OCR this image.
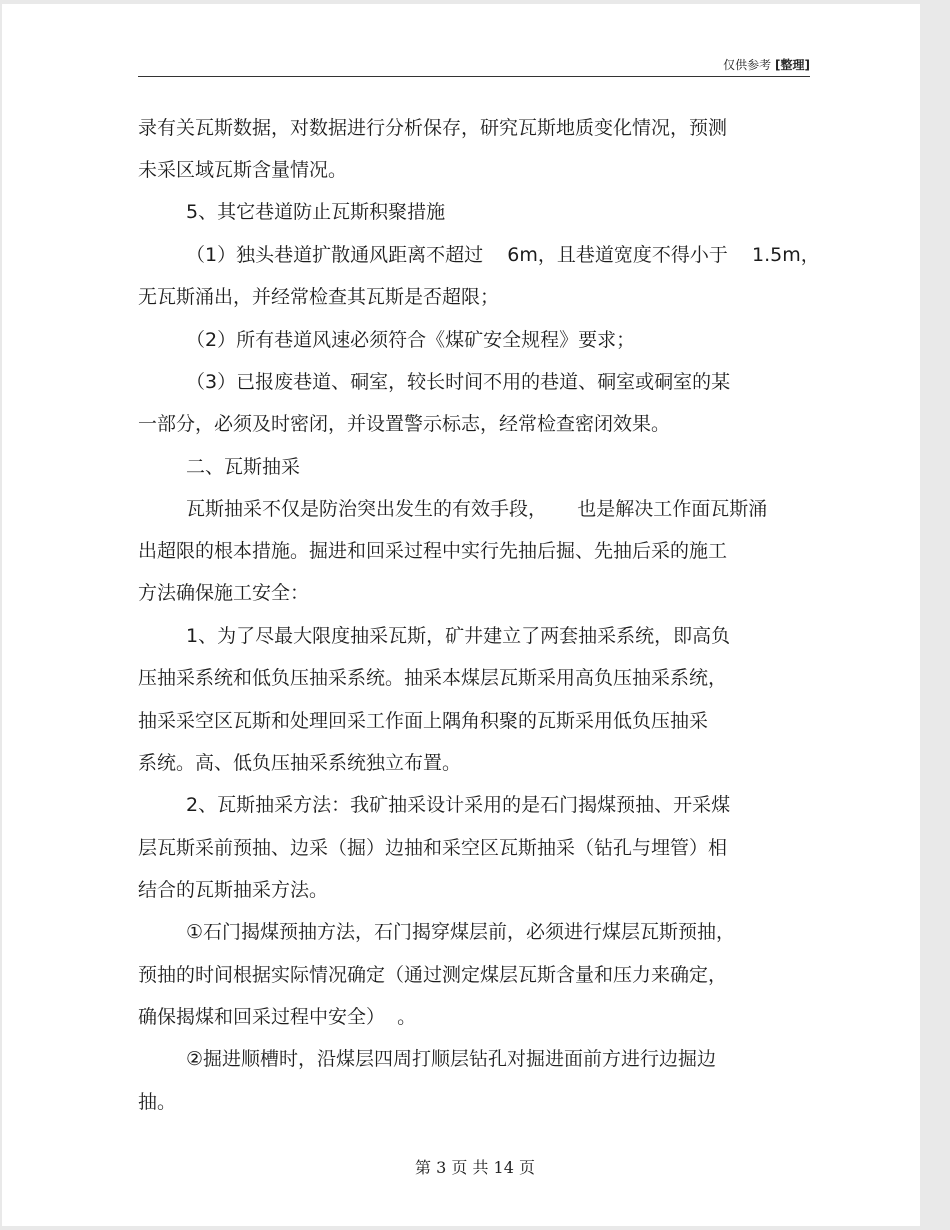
仅供参考 [整理]
录有关瓦斯数据，对数据进行分析保存，研究瓦斯地质变化情况，预测
未采区域瓦斯含量情况。
5、其它巷道防止瓦斯积聚措施
（1）独头巷道扩散通风距离不超过    6m，且巷道宽度不得小于    1.5m，
无瓦斯涌出，并经常检查其瓦斯是否超限；
（2）所有巷道风速必须符合《煤矿安全规程》要求；
（3）已报废巷道、硐室，较长时间不用的巷道、硐室或硐室的某
一部分，必须及时密闭，并设置警示标志，经常检查密闭效果。
二、瓦斯抽采
瓦斯抽采不仅是防治突出发生的有效手段，     也是解决工作面瓦斯涌
出超限的根本措施。掘进和回采过程中实行先抽后掘、先抽后采的施工
方法确保施工安全：
1、为了尽最大限度抽采瓦斯，矿井建立了两套抽采系统，即高负
压抽采系统和低负压抽采系统。抽采本煤层瓦斯采用高负压抽采系统，
抽采采空区瓦斯和处理回采工作面上隅角积聚的瓦斯采用低负压抽采
系统。高、低负压抽采系统独立布置。
2、瓦斯抽采方法：我矿抽采设计采用的是石门揭煤预抽、开采煤
层瓦斯采前预抽、边采（掘）边抽和采空区瓦斯抽采（钻孔与埋管）相
结合的瓦斯抽采方法。
①石门揭煤预抽方法，石门揭穿煤层前，必须进行煤层瓦斯预抽，
预抽的时间根据实际情况确定（通过测定煤层瓦斯含量和压力来确定，
确保揭煤和回采过程中安全）  。
②掘进顺槽时，沿煤层四周打顺层钻孔对掘进面前方进行边掘边
抽。
第 3 页 共 14 页
